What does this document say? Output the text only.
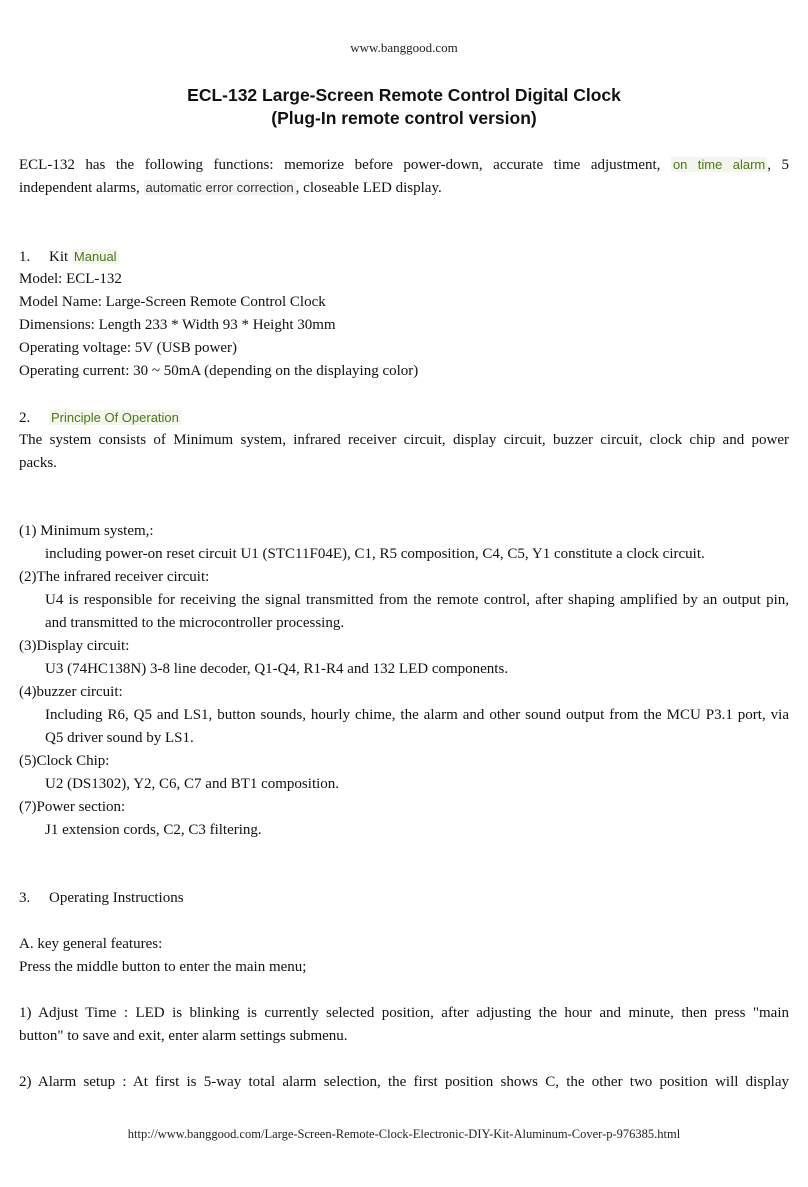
www.banggood.com
ECL-132 Large-Screen Remote Control Digital Clock
(Plug-In remote control version)
ECL-132 has the following functions: memorize before power-down, accurate time adjustment, on time alarm , 5
independent alarms, automatic error correction , closeable LED display.
1. Kit Manual
Model: ECL-132
Model Name: Large-Screen Remote Control Clock
Dimensions: Length 233 * Width 93 * Height 30mm
Operating voltage: 5V (USB power)
Operating current: 30 ~ 50mA (depending on the displaying color)
2. Principle Of Operation
The system consists of Minimum system, infrared receiver circuit, display circuit, buzzer circuit, clock chip and power
packs.
(1) Minimum system,:
including power-on reset circuit U1 (STC11F04E), C1, R5 composition, C4, C5, Y1 constitute a clock circuit.
(2)The infrared receiver circuit:
U4 is responsible for receiving the signal transmitted from the remote control, after shaping amplified by an output pin,
and transmitted to the microcontroller processing.
(3)Display circuit:
U3 (74HC138N) 3-8 line decoder, Q1-Q4, R1-R4 and 132 LED components.
(4)buzzer circuit:
Including R6, Q5 and LS1, button sounds, hourly chime, the alarm and other sound output from the MCU P3.1 port, via
Q5 driver sound by LS1.
(5)Clock Chip:
U2 (DS1302), Y2, C6, C7 and BT1 composition.
(7)Power section:
J1 extension cords, C2, C3 filtering.
3. Operating Instructions
A. key general features:
Press the middle button to enter the main menu;
1) Adjust Time : LED is blinking is currently selected position, after adjusting the hour and minute, then press "main
button" to save and exit, enter alarm settings submenu.
2) Alarm setup : At first is 5-way total alarm selection, the first position shows C, the other two position will display
http://www.banggood.com/Large-Screen-Remote-Clock-Electronic-DIY-Kit-Aluminum-Cover-p-976385.html
